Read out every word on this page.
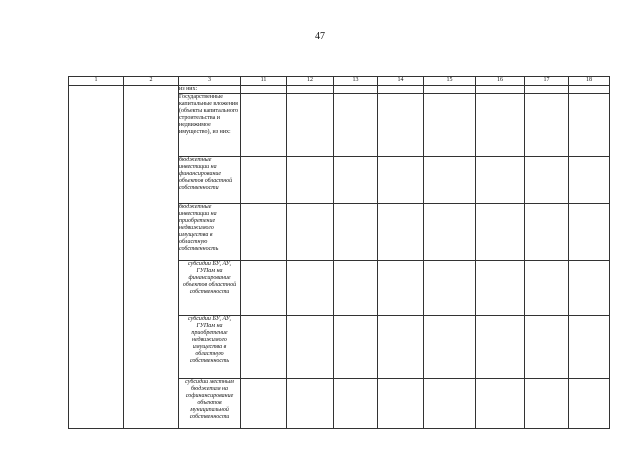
47
1	2	3	11	12	13	14	15	16	17	18
		из них:								
		Государственные капитальные вложения (объекты капитального строительства и недвижимое имущество), из них:								
		бюджетные инвестиции на финансирование объектов областной собственности								
		бюджетные инвестиции на приобретение недвижимого имущества в областную собственность								
		субсидии БУ, АУ, ГУПам на финансирование объектов областной собственности								
		субсидии БУ, АУ, ГУПам на приобретение недвижимого имущества в областную собственность								
		субсидии местным бюджетам на софинансирование объектов муниципальной собственности								
